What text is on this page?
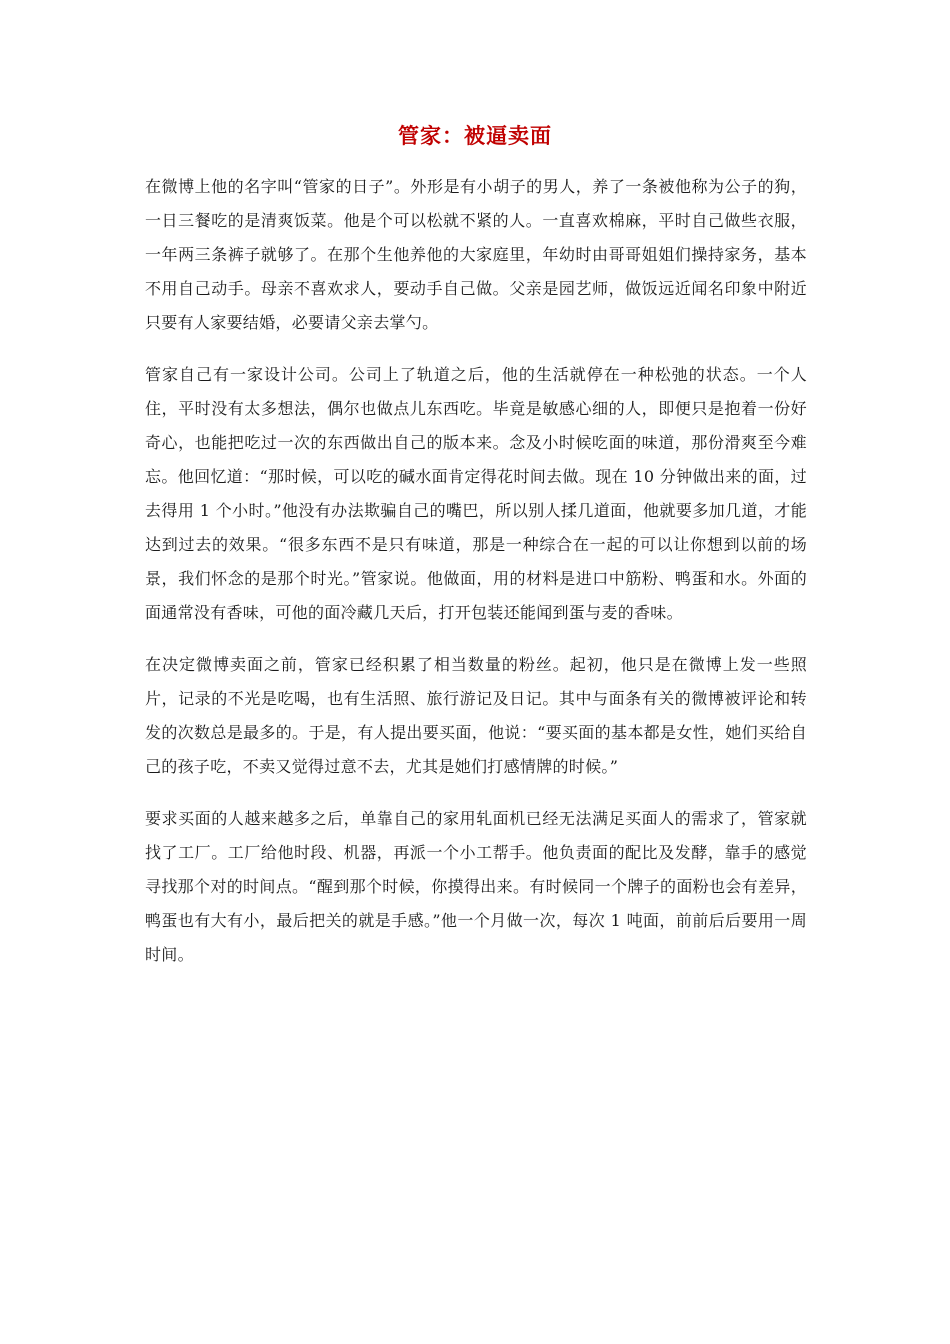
管家：被逼卖面

在微博上他的名字叫“管家的日子”。外形是有小胡子的男人，养了一条被他称为公子的狗，一日三餐吃的是清爽饭菜。他是个可以松就不紧的人。一直喜欢棉麻，平时自己做些衣服，一年两三条裤子就够了。在那个生他养他的大家庭里，年幼时由哥哥姐姐们操持家务，基本不用自己动手。母亲不喜欢求人，要动手自己做。父亲是园艺师，做饭远近闻名印象中附近只要有人家要结婚，必要请父亲去掌勺。

管家自己有一家设计公司。公司上了轨道之后，他的生活就停在一种松弛的状态。一个人住，平时没有太多想法，偶尔也做点儿东西吃。毕竟是敏感心细的人，即便只是抱着一份好奇心，也能把吃过一次的东西做出自己的版本来。念及小时候吃面的味道，那份滑爽至今难忘。他回忆道：“那时候，可以吃的碱水面肯定得花时间去做。现在 10 分钟做出来的面，过去得用 1 个小时。”他没有办法欺骗自己的嘴巴，所以别人揉几道面，他就要多加几道，才能达到过去的效果。“很多东西不是只有味道，那是一种综合在一起的可以让你想到以前的场景，我们怀念的是那个时光。”管家说。他做面，用的材料是进口中筋粉、鸭蛋和水。外面的面通常没有香味，可他的面冷藏几天后，打开包装还能闻到蛋与麦的香味。

在决定微博卖面之前，管家已经积累了相当数量的粉丝。起初，他只是在微博上发一些照片，记录的不光是吃喝，也有生活照、旅行游记及日记。其中与面条有关的微博被评论和转发的次数总是最多的。于是，有人提出要买面，他说：“要买面的基本都是女性，她们买给自己的孩子吃，不卖又觉得过意不去，尤其是她们打感情牌的时候。”

要求买面的人越来越多之后，单靠自己的家用轧面机已经无法满足买面人的需求了，管家就找了工厂。工厂给他时段、机器，再派一个小工帮手。他负责面的配比及发酵，靠手的感觉寻找那个对的时间点。“醒到那个时候，你摸得出来。有时候同一个牌子的面粉也会有差异，鸭蛋也有大有小，最后把关的就是手感。”他一个月做一次，每次 1 吨面，前前后后要用一周时间。
